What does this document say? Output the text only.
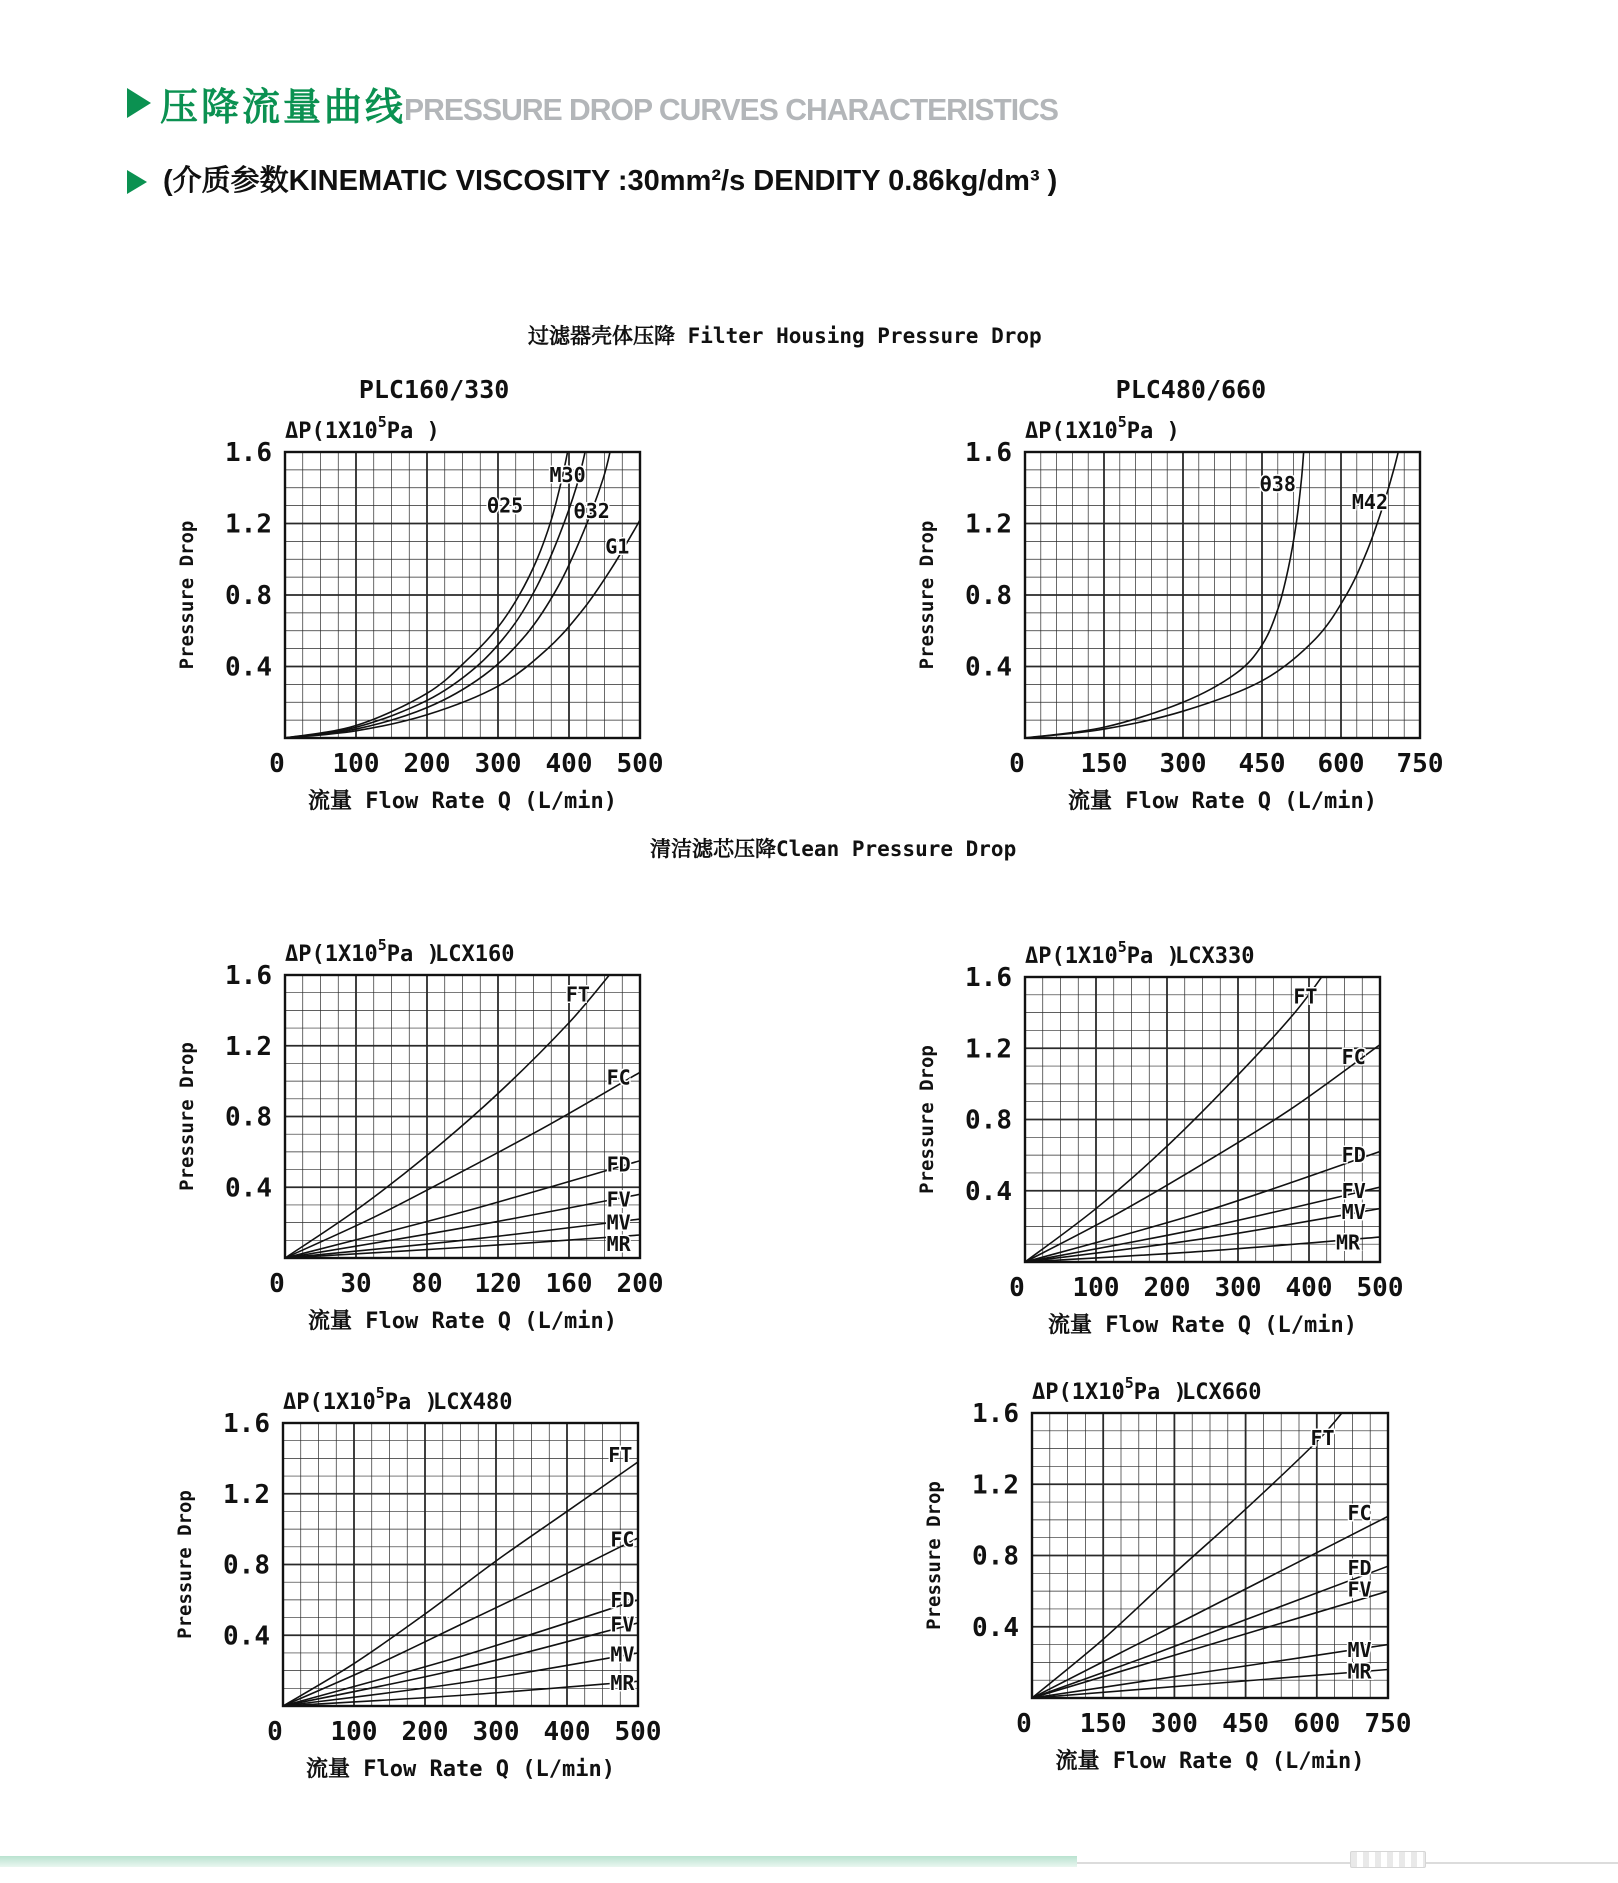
压降流量曲线
PRESSURE DROP CURVES CHARACTERISTICS
(介质参数KINEMATIC VISCOSITY :30mm²/s DENDITY 0.86kg/dm³ )
过滤器壳体压降 Filter Housing Pressure Drop
清洁滤芯压降Clean Pressure Drop
0.4
0.8
1.2
1.6
0 100 200 300 400 500
$\Delta P(1X10^5Pa$ )
PLC160/330
Pressure Drop
流量 Flow Rate Q (L/min)
θ25
M30
θ32
G1
0.4
0.8
1.2
1.6
0 150 300 450 600 750
$\Delta P(1X10^5Pa$ )
PLC480/660
Pressure Drop
流量 Flow Rate Q (L/min)
θ38
M42
0.4
0.8
1.2
1.6
0 30 80 120 160 200
$\Delta P(1X10^5Pa$ )
LCX160
Pressure Drop
流量 Flow Rate Q (L/min)
FT
FC
FD
FV
MV
MR
0.4
0.8
1.2
1.6
0 100 200 300 400 500
$\Delta P(1X10^5Pa$ )
LCX330
Pressure Drop
流量 Flow Rate Q (L/min)
FT
FC
FD
FV
MV
MR
0.4
0.8
1.2
1.6
0 100 200 300 400 500
$\Delta P(1X10^5Pa$ )
LCX480
Pressure Drop
流量 Flow Rate Q (L/min)
FT
FC
FD
FV
MV
MR
0.4
0.8
1.2
1.6
0 150 300 450 600 750
$\Delta P(1X10^5Pa$ )
LCX660
Pressure Drop
流量 Flow Rate Q (L/min)
FT
FC
FD
FV
MV
MR
